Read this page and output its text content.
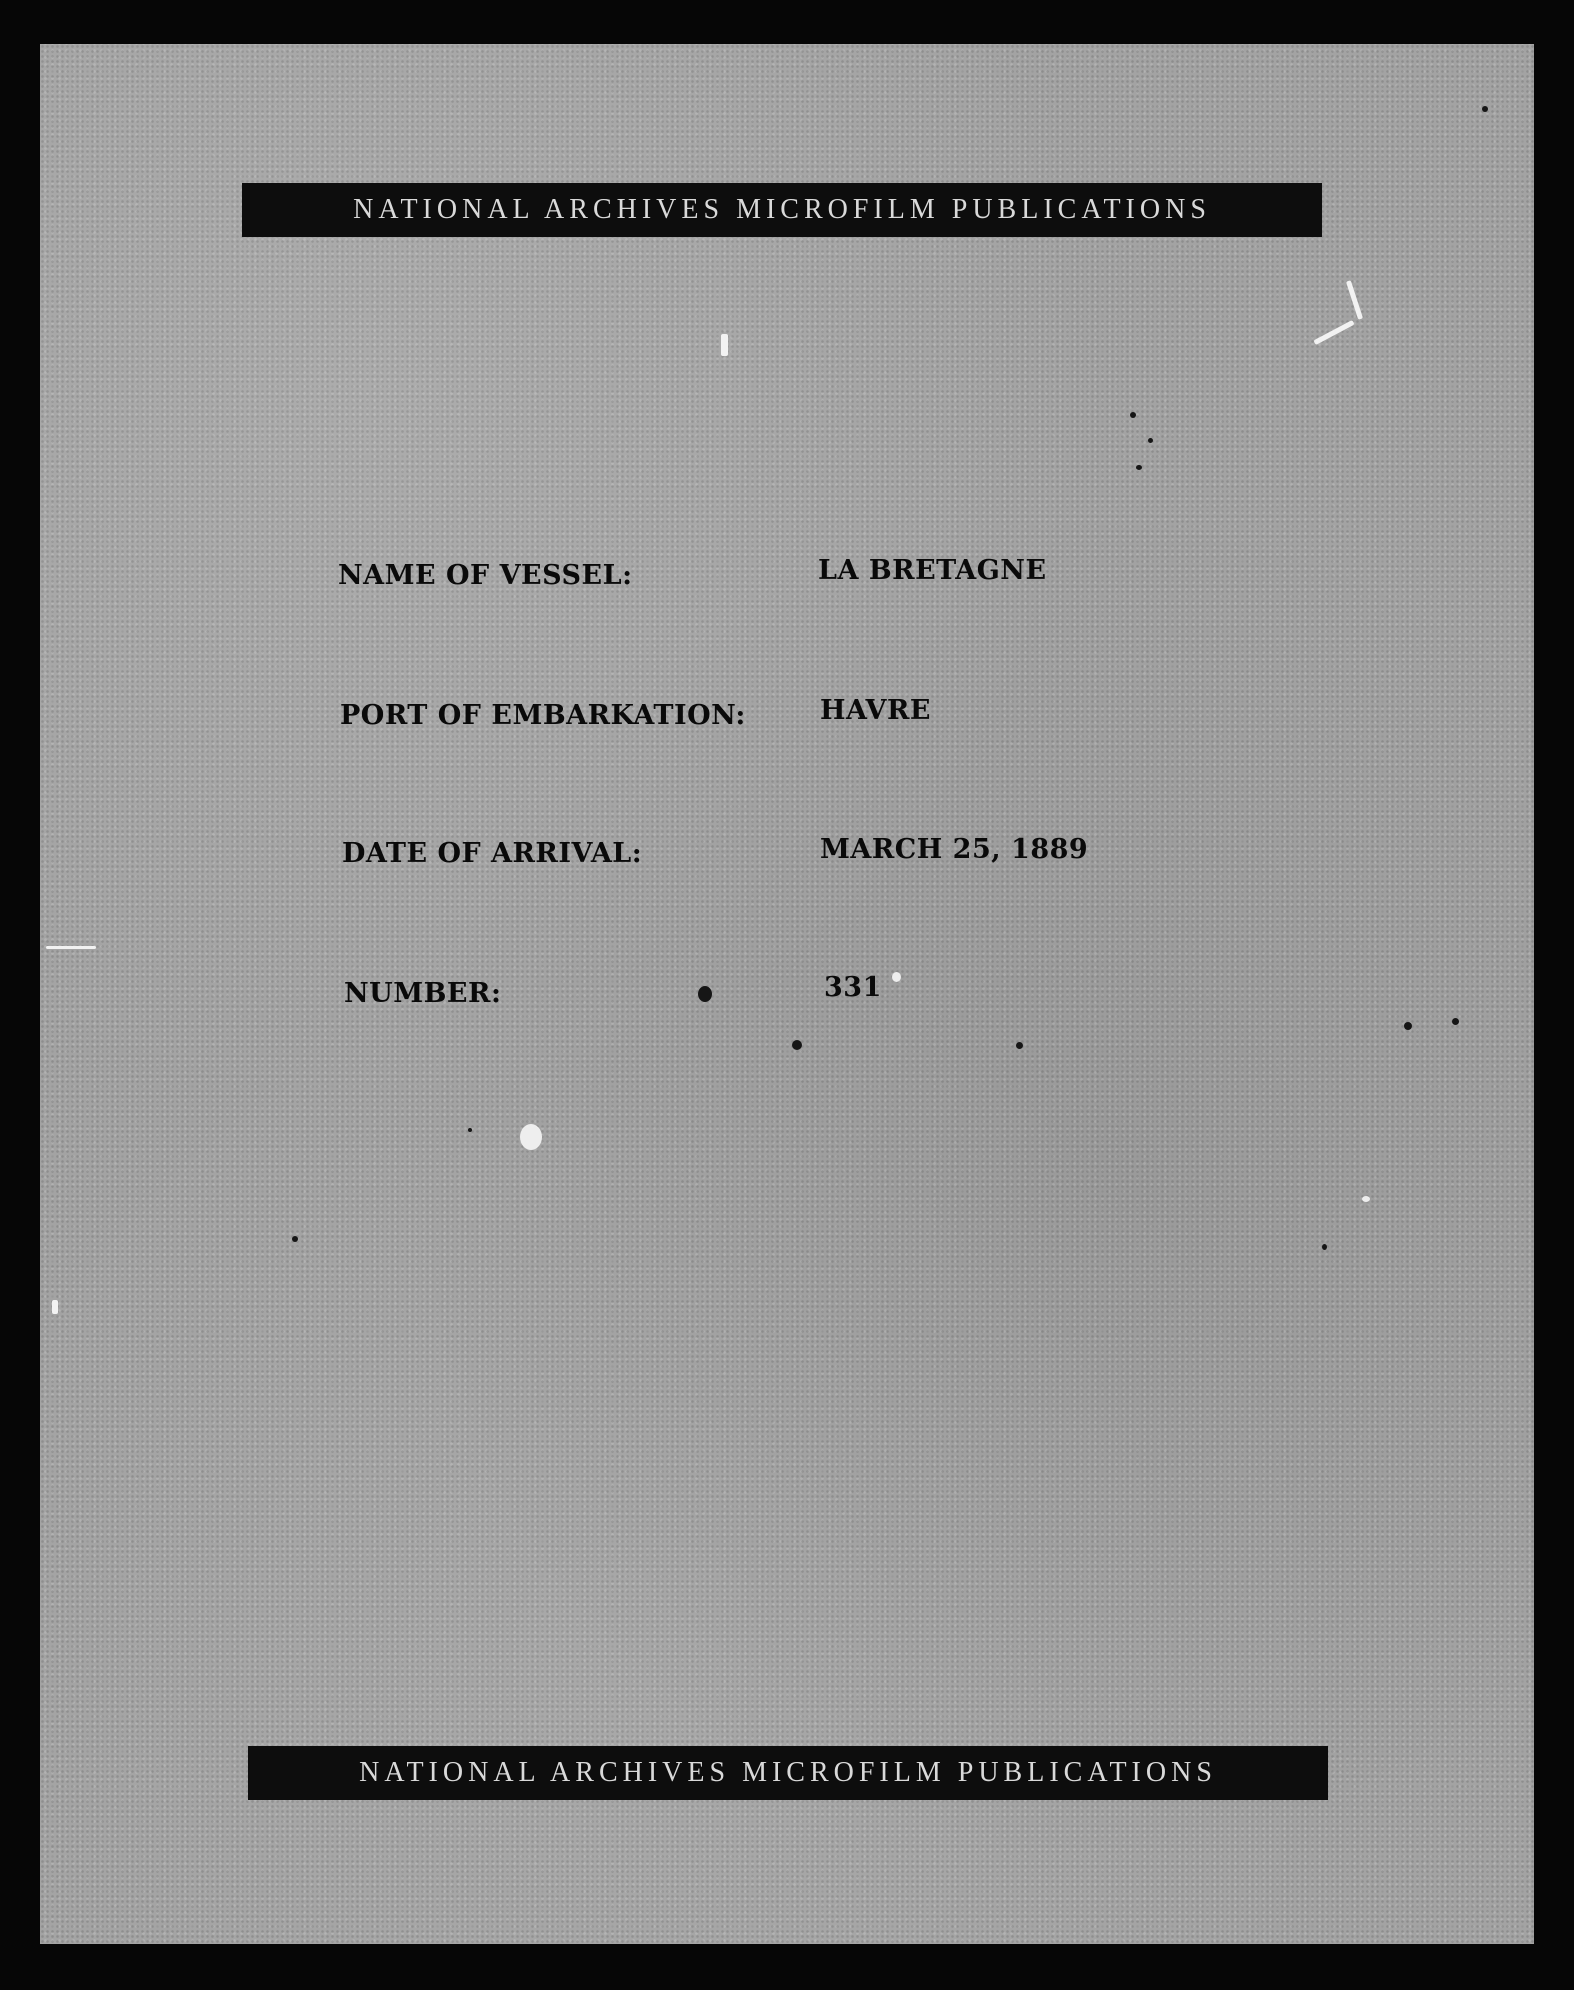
NATIONAL ARCHIVES MICROFILM PUBLICATIONS
NAME OF VESSEL:	LA BRETAGNE
PORT OF EMBARKATION:	HAVRE
DATE OF ARRIVAL:	MARCH 25, 1889
NUMBER:	331
NATIONAL ARCHIVES MICROFILM PUBLICATIONS
